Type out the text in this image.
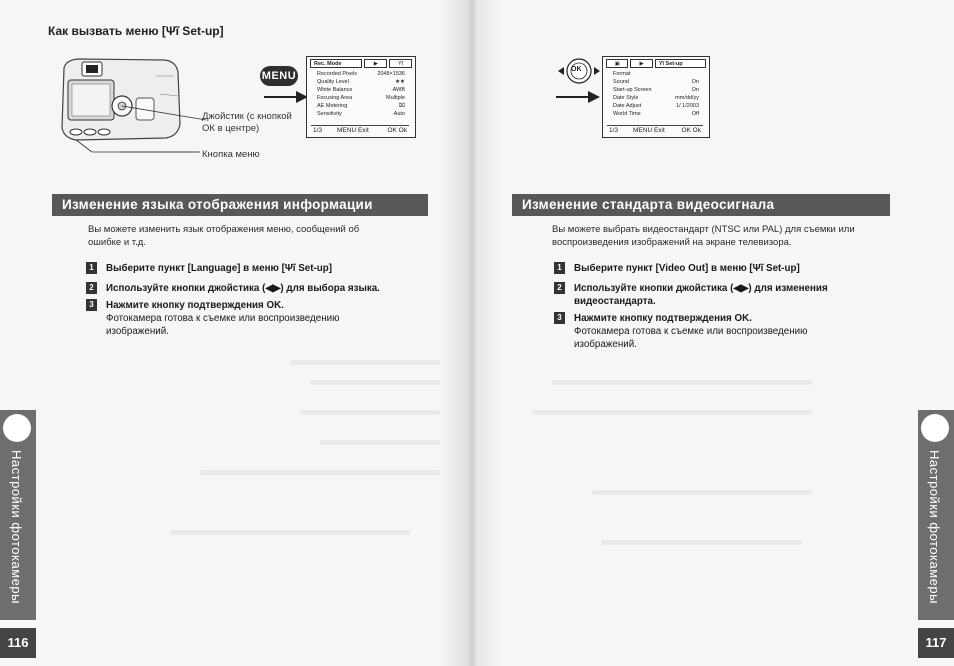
Как вызвать меню [Ψĩ Set-up]
Джойстик (с кнопкой
ОК в центре)
Кнопка меню
MENU
Rec. Mode	▶	Yĩ
Recorded Pixels	2048×1536
Quality Level	★★
White Balance	AWB
Focusing Area	Multiple
AE Metering	⌧
Sensitivity	Auto
1/3 MENU Exit	OK Ok
Изменение языка отображения информации
Вы можете изменить язык отображения меню, сообщений об
ошибке и т.д.
1	Выберите пункт [Language] в меню [Ψĩ Set-up]
2	Используйте кнопки джойстика (◀▶) для выбора языка.
3	Нажмите кнопку подтверждения OK.
Фотокамера готова к съемке или воспроизведению
изображений.
Настройки фотокамеры
116
OK
▣	▶	Yĩ Set-up
Format
Sound	On
Start-up Screen	On
Date Style	mm/dd/yy
Date Adjust	1/ 1/2003
World Time	Off
1/3 MENU Exit	OK Ok
Изменение стандарта видеосигнала
Вы можете выбрать видеостандарт (NTSC или PAL) для съемки или
воспроизведения изображений на экране телевизора.
1	Выберите пункт [Video Out] в меню [Ψĩ Set-up]
2	Используйте кнопки джойстика (◀▶) для изменения
видеостандарта.
3	Нажмите кнопку подтверждения OK.
Фотокамера готова к съемке или воспроизведению
изображений.
Настройки фотокамеры
117
